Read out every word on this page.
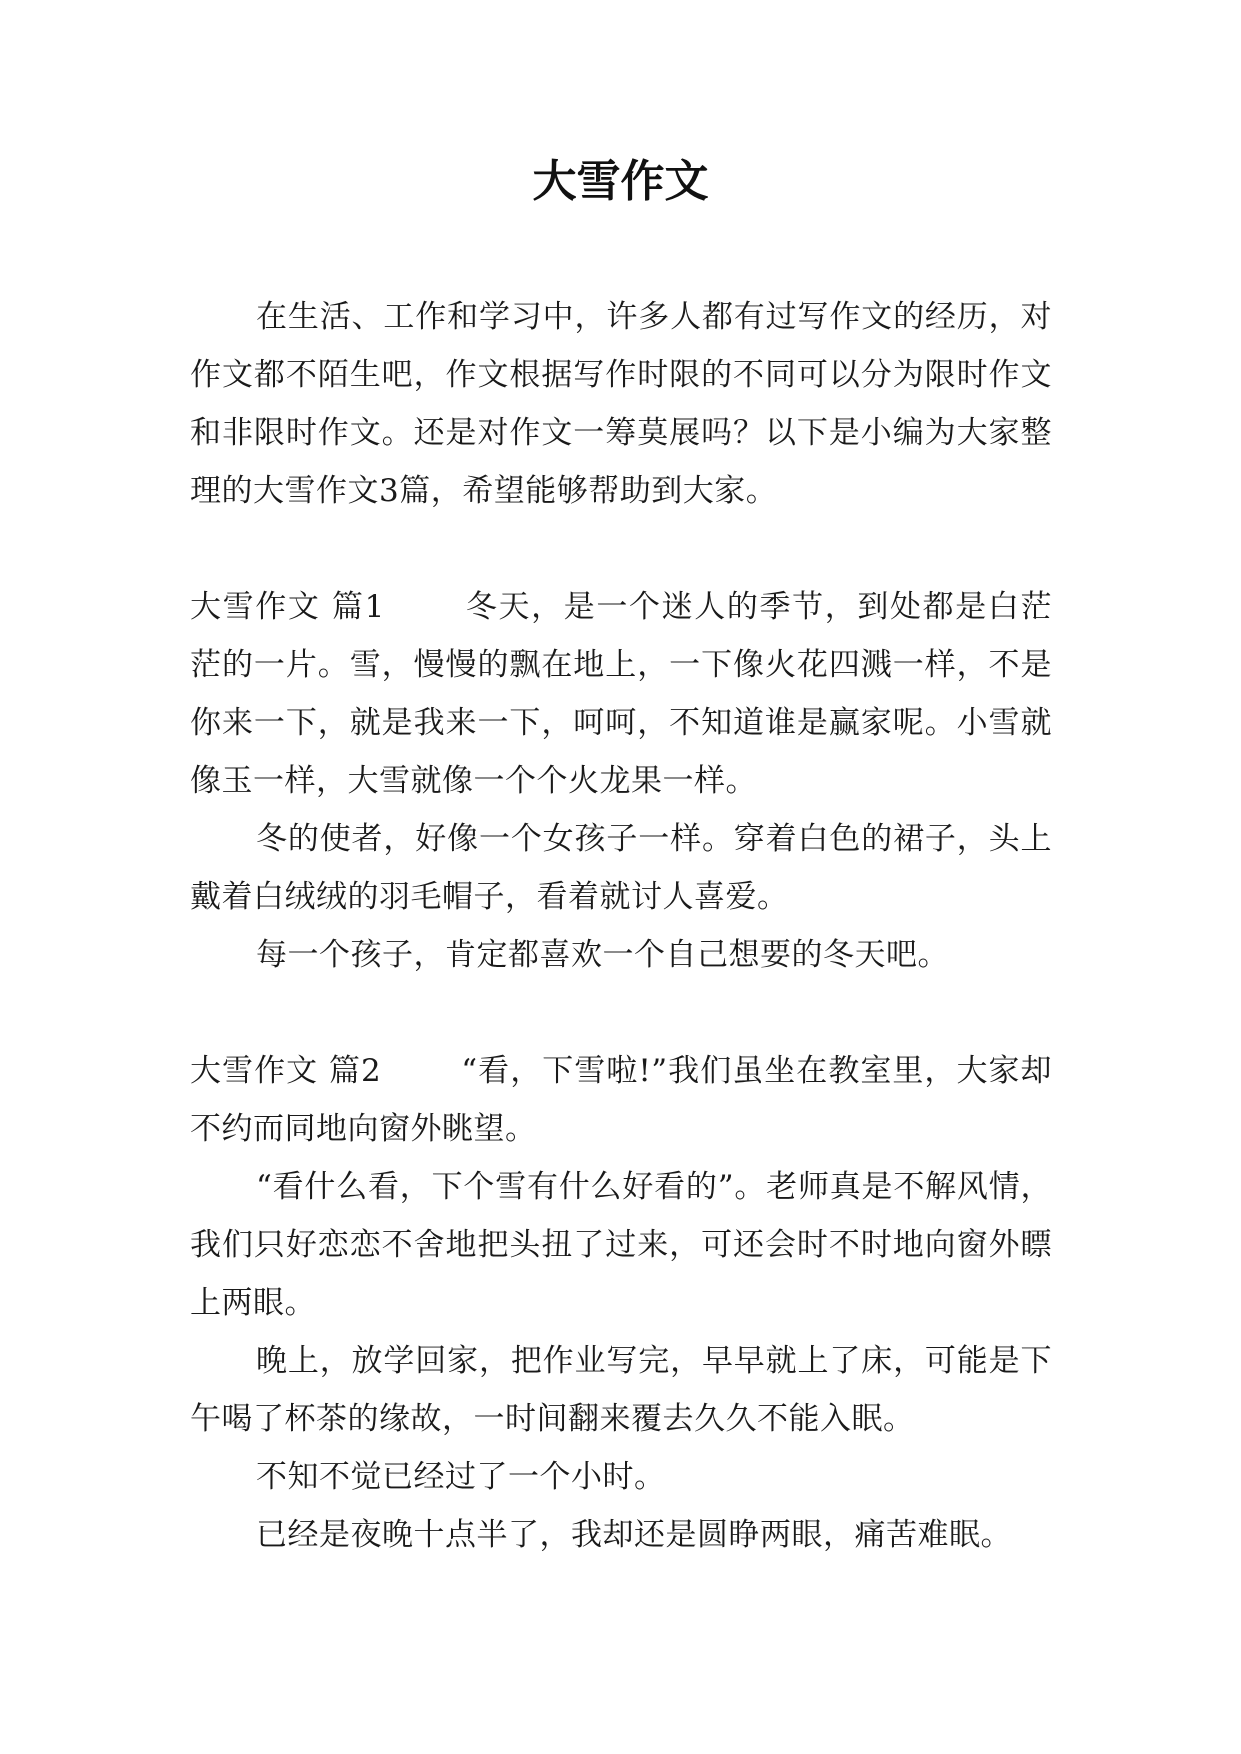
大雪作文

在生活、工作和学习中，许多人都有过写作文的经历，对作文都不陌生吧，作文根据写作时限的不同可以分为限时作文和非限时作文。还是对作文一筹莫展吗？以下是小编为大家整理的大雪作文3篇，希望能够帮助到大家。

大雪作文 篇1	冬天，是一个迷人的季节，到处都是白茫茫的一片。雪，慢慢的飘在地上，一下像火花四溅一样，不是你来一下，就是我来一下，呵呵，不知道谁是赢家呢。小雪就像玉一样，大雪就像一个个火龙果一样。

冬的使者，好像一个女孩子一样。穿着白色的裙子，头上戴着白绒绒的羽毛帽子，看着就讨人喜爱。

每一个孩子，肯定都喜欢一个自己想要的冬天吧。

大雪作文 篇2	“看，下雪啦!”我们虽坐在教室里，大家却不约而同地向窗外眺望。

“看什么看，下个雪有什么好看的”。老师真是不解风情，我们只好恋恋不舍地把头扭了过来，可还会时不时地向窗外瞟上两眼。

晚上，放学回家，把作业写完，早早就上了床，可能是下午喝了杯茶的缘故，一时间翻来覆去久久不能入眠。

不知不觉已经过了一个小时。

已经是夜晚十点半了，我却还是圆睁两眼，痛苦难眠。
